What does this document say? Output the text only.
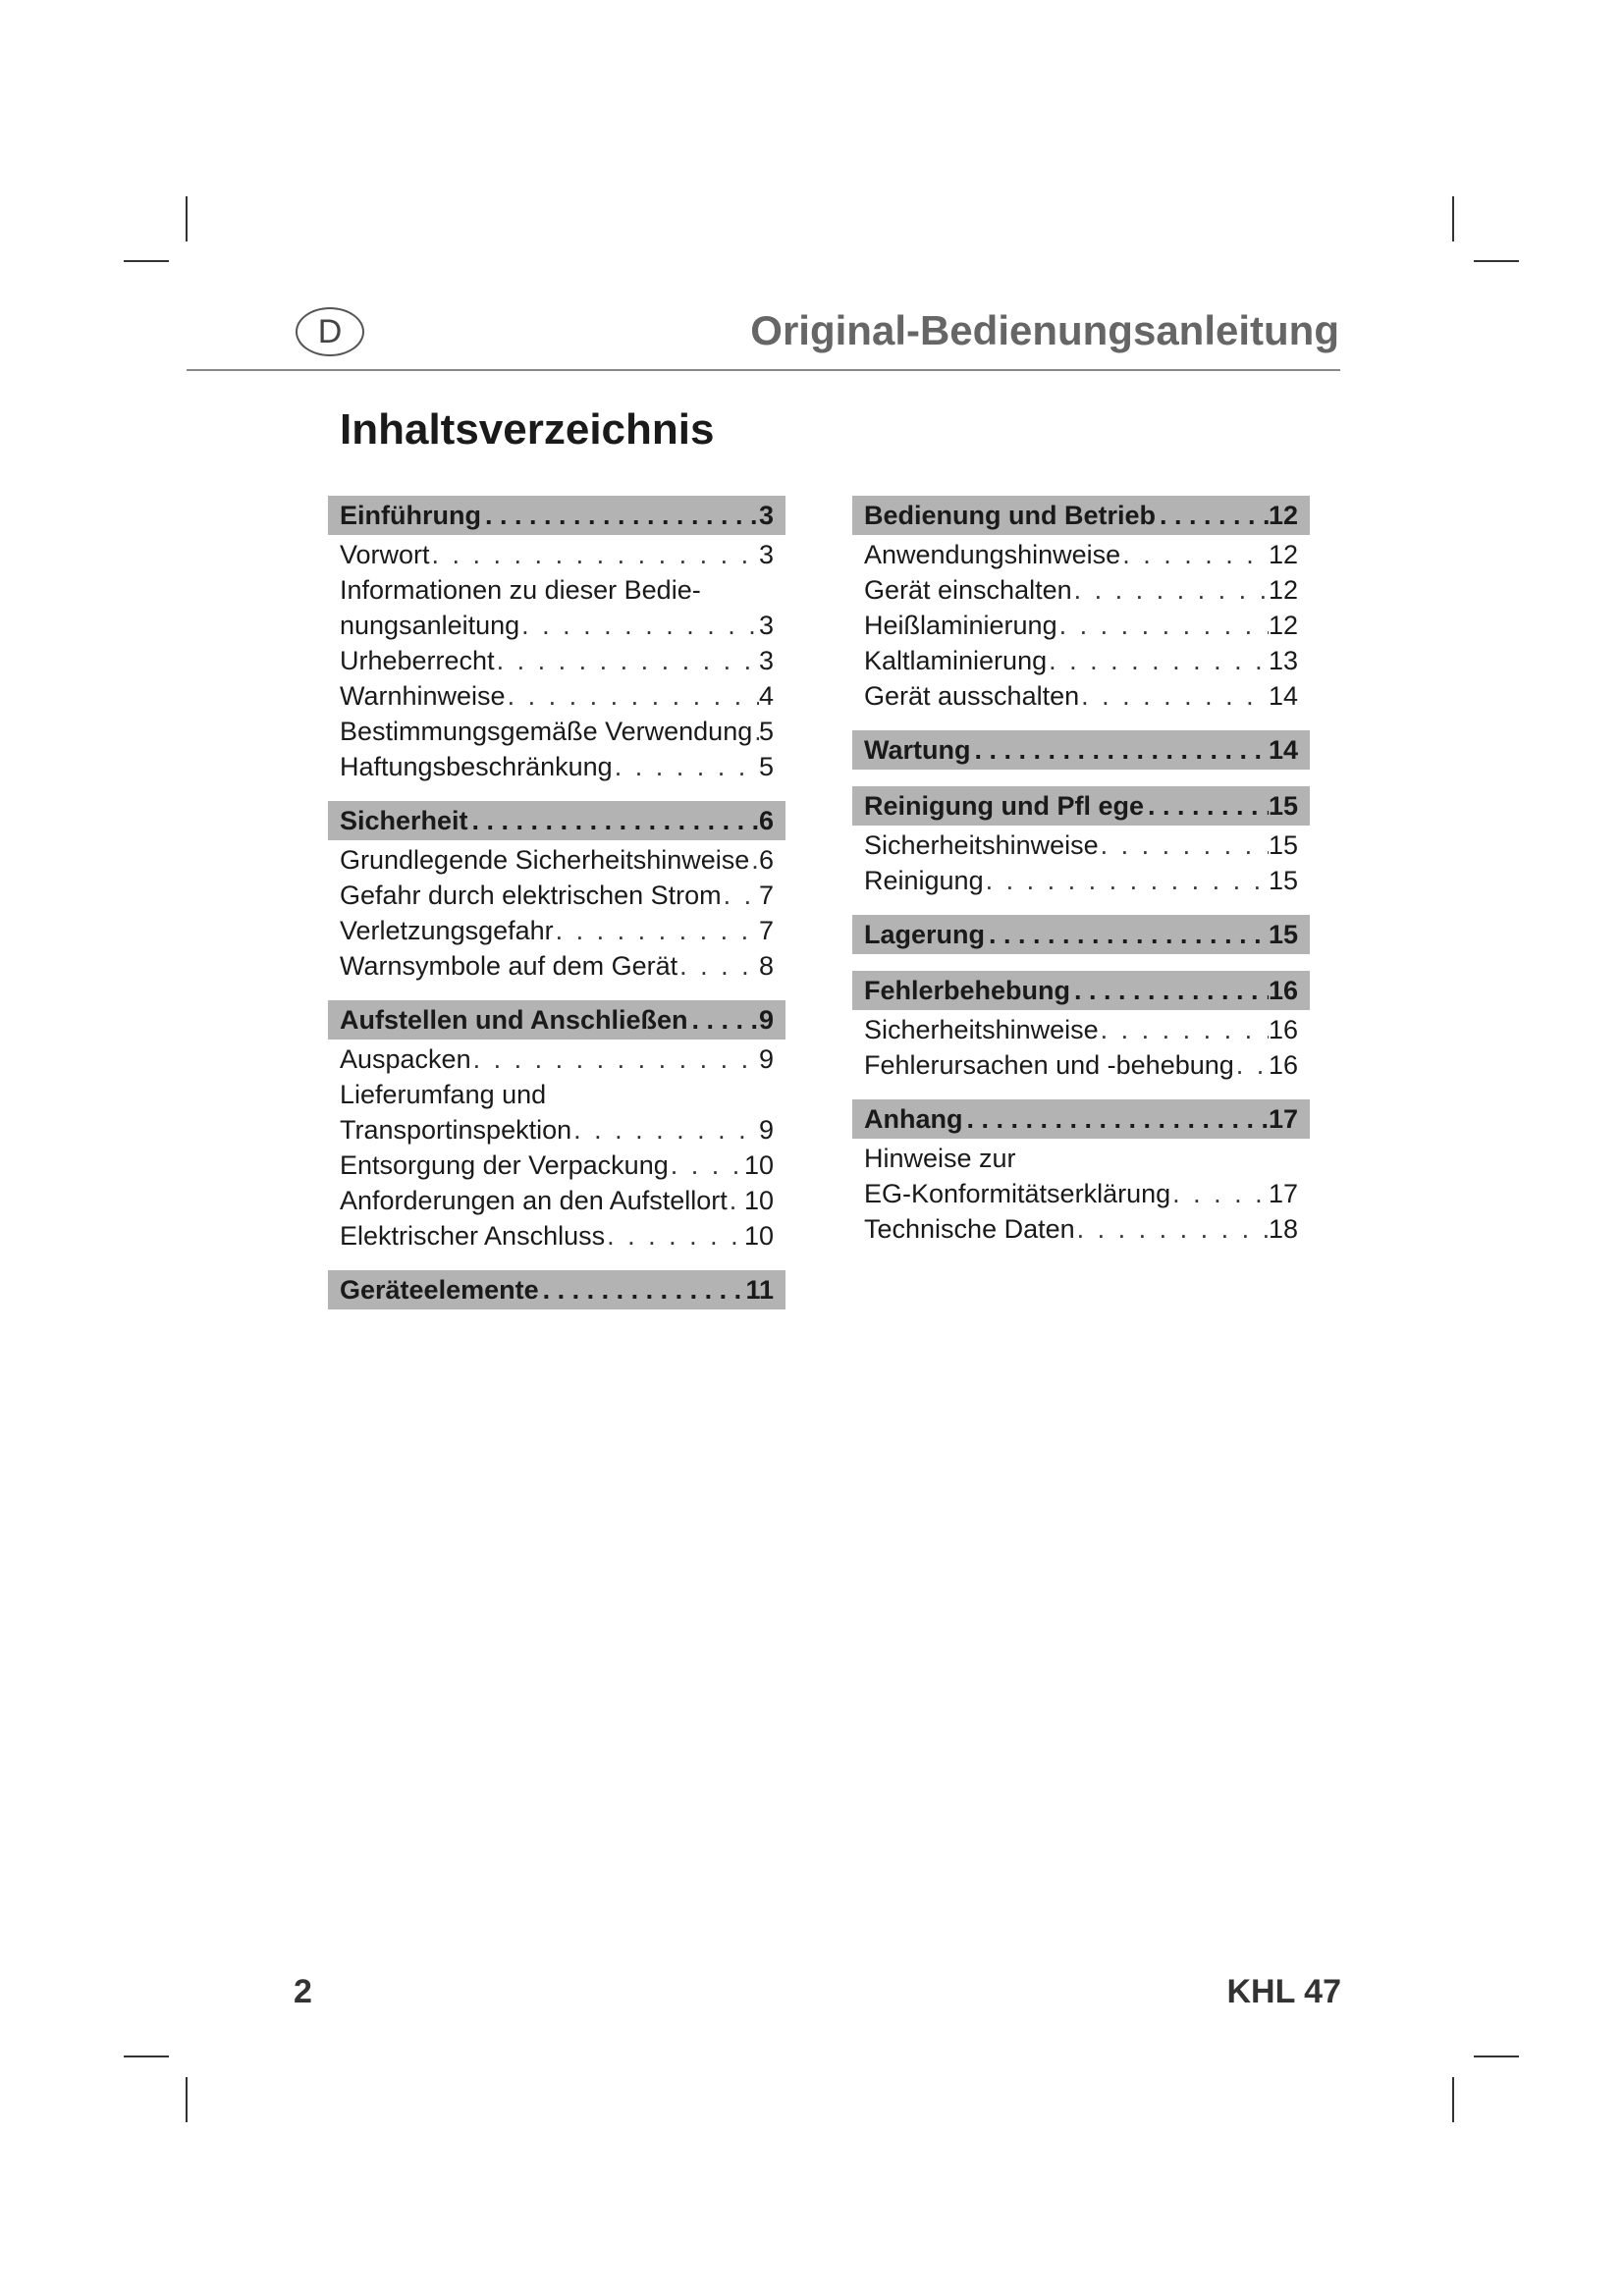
D	Original-Bedienungsanleitung
Inhaltsverzeichnis
Einführung . . .	3
Vorwort . . .	3
Informationen zu dieser Bedie-
nungsanleitung . . .	3
Urheberrecht . . .	3
Warnhinweise . . .	4
Bestimmungsgemäße Verwendung . . . 5
Haftungsbeschränkung . . .	5
Sicherheit . . .	6
Grundlegende Sicherheitshinweise . . . 6
Gefahr durch elektrischen Strom . . . 7
Verletzungsgefahr . . .	7
Warnsymbole auf dem Gerät . . .	8
Aufstellen und Anschließen . . .	9
Auspacken . . .	9
Lieferumfang und
Transportinspektion . . .	9
Entsorgung der Verpackung . . .	10
Anforderungen an den Aufstellort . . . 10
Elektrischer Anschluss . . .	10
Geräteelemente . . .	11
Bedienung und Betrieb . . .	12
Anwendungshinweise . . .	12
Gerät einschalten . . .	12
Heißlaminierung . . .	12
Kaltlaminierung . . .	13
Gerät ausschalten . . .	14
Wartung . . .	14
Reinigung und Pfl ege . . .	15
Sicherheitshinweise . . .	15
Reinigung . . .	15
Lagerung . . .	15
Fehlerbehebung . . .	16
Sicherheitshinweise . . .	16
Fehlerursachen und -behebung . . . 16
Anhang . . .	17
Hinweise zur
EG-Konformitätserklärung . . .	17
Technische Daten . . .	18
2	KHL 47
